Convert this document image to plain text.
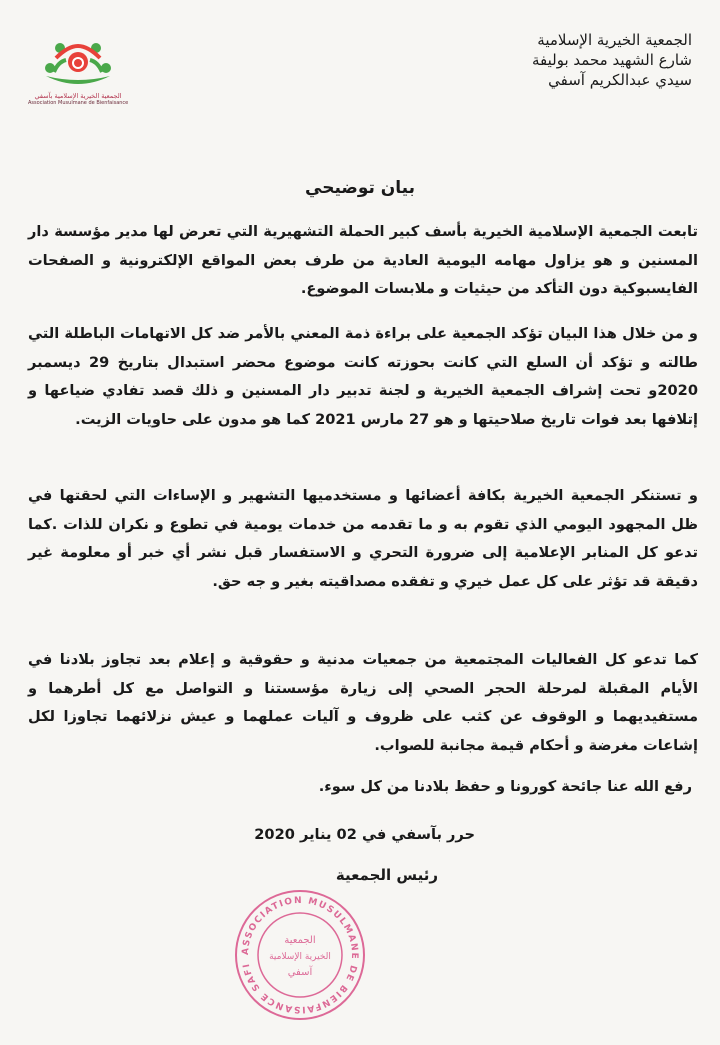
الجمعية الخيرية الإسلامية
شارع الشهيد محمد بوليفة
سيدي عبدالكريم آسفي
الجمعية الخيرية الإسلامية بآسفي
Association Musulmane de Bienfaisance
بيان توضيحي
تابعت الجمعية الإسلامية الخيرية بأسف كبير الحملة التشهيرية التي تعرض لها مدير مؤسسة دار المسنين و هو يزاول مهامه اليومية العادية من طرف بعض المواقع الإلكترونية و الصفحات الفايسبوكية دون التأكد من حيثيات و ملابسات الموضوع.
و من خلال هذا البيان تؤكد الجمعية على براءة ذمة المعني بالأمر ضد كل الاتهامات الباطلة التي طالته و تؤكد أن السلع التي كانت بحوزته كانت موضوع محضر استبدال بتاريخ 29 ديسمبر 2020و تحت إشراف الجمعية الخيرية و لجنة تدبير دار المسنين و ذلك قصد تفادي ضياعها و إتلافها بعد فوات تاريخ صلاحيتها و هو 27 مارس 2021 كما هو مدون على حاويات الزيت.
و تستنكر الجمعية الخيرية بكافة أعضائها و مستخدميها التشهير و الإساءات التي لحقتها في ظل المجهود اليومي الذي تقوم به و ما تقدمه من خدمات يومية في تطوع و نكران للذات .كما تدعو كل المنابر الإعلامية إلى ضرورة التحري و الاستفسار قبل نشر أي خبر أو معلومة غير دقيقة قد تؤثر على كل عمل خيري و تفقده مصداقيته بغير و جه حق.
كما تدعو كل الفعاليات المجتمعية من جمعيات مدنية و حقوقية و إعلام بعد تجاوز بلادنا في الأيام المقبلة لمرحلة الحجر الصحي إلى زيارة مؤسستنا و التواصل مع كل أطرهما و مستفيديهما و الوقوف عن كثب على ظروف و آليات عملهما و عيش نزلائهما تجاوزا لكل إشاعات مغرضة و أحكام قيمة مجانبة للصواب.
رفع الله عنا جائحة كورونا و حفظ بلادنا من كل سوء.
حرر بآسفي في 02 يناير 2020
رئيس الجمعية
ASSOCIATION MUSULMANE DE BIENFAISANCE SAFI
الجمعية
الخيرية الإسلامية
آسفي
